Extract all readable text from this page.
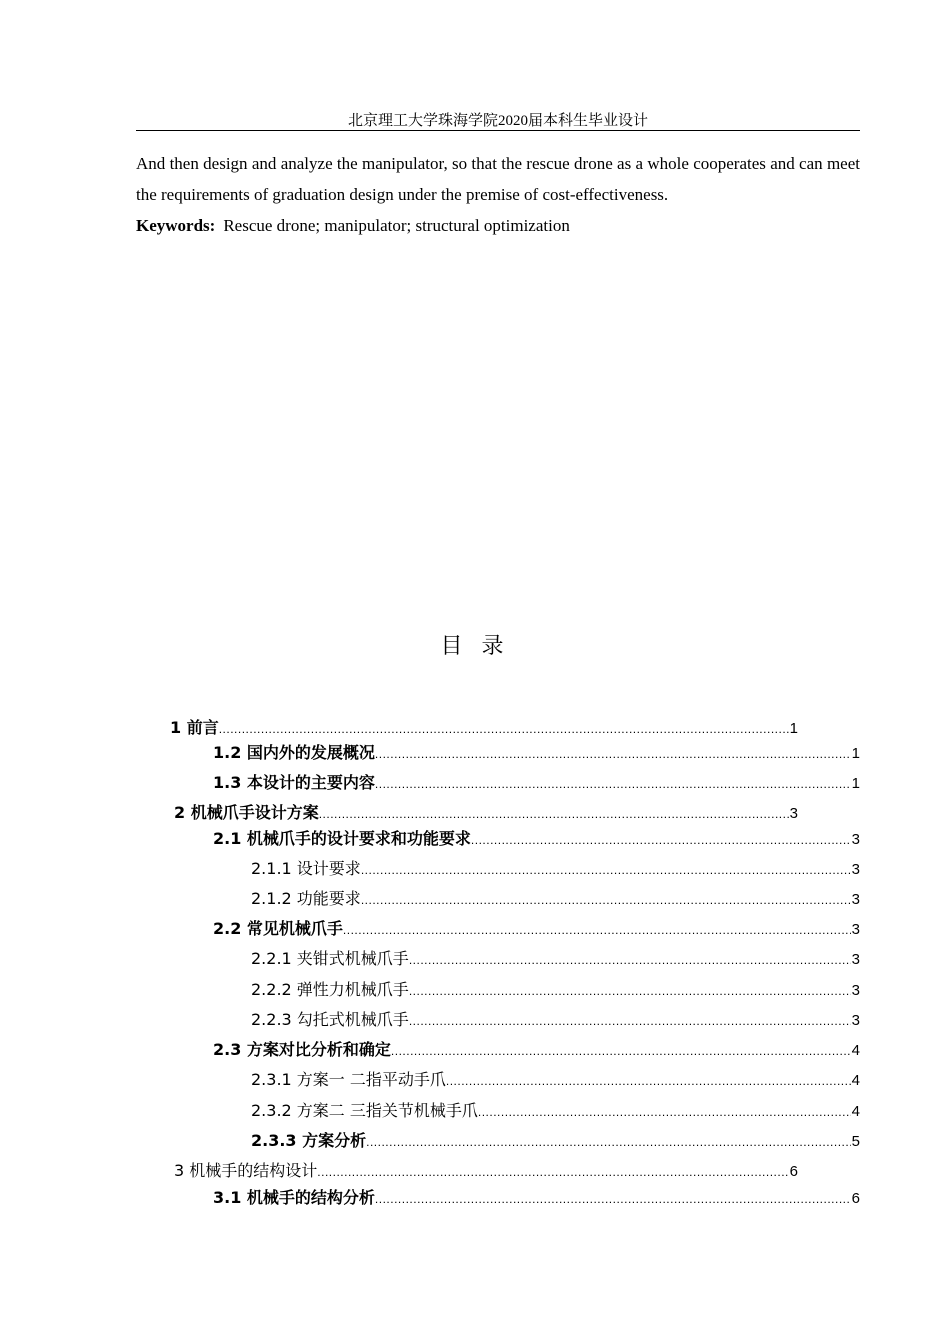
北京理工大学珠海学院2020届本科生毕业设计

And then design and analyze the manipulator, so that the rescue drone as a whole cooperates and can meet the requirements of graduation design under the premise of cost-effectiveness.

Keywords: Rescue drone; manipulator; structural optimization

目 录
1 前言 .....	1
1.2 国内外的发展概况 .....	1
1.3 本设计的主要内容 .....	1
2 机械爪手设计方案 .....	3
2.1 机械爪手的设计要求和功能要求 .....	3
2.1.1 设计要求 .....	3
2.1.2 功能要求 .....	3
2.2 常见机械爪手 .....	3
2.2.1 夹钳式机械爪手 .....	3
2.2.2 弹性力机械爪手 .....	3
2.2.3 勾托式机械爪手 .....	3
2.3 方案对比分析和确定 .....	4
2.3.1 方案一 二指平动手爪 .....	4
2.3.2 方案二 三指关节机械手爪 .....	4
2.3.3 方案分析 .....	5
3 机械手的结构设计 .....	6
3.1 机械手的结构分析 .....	6
